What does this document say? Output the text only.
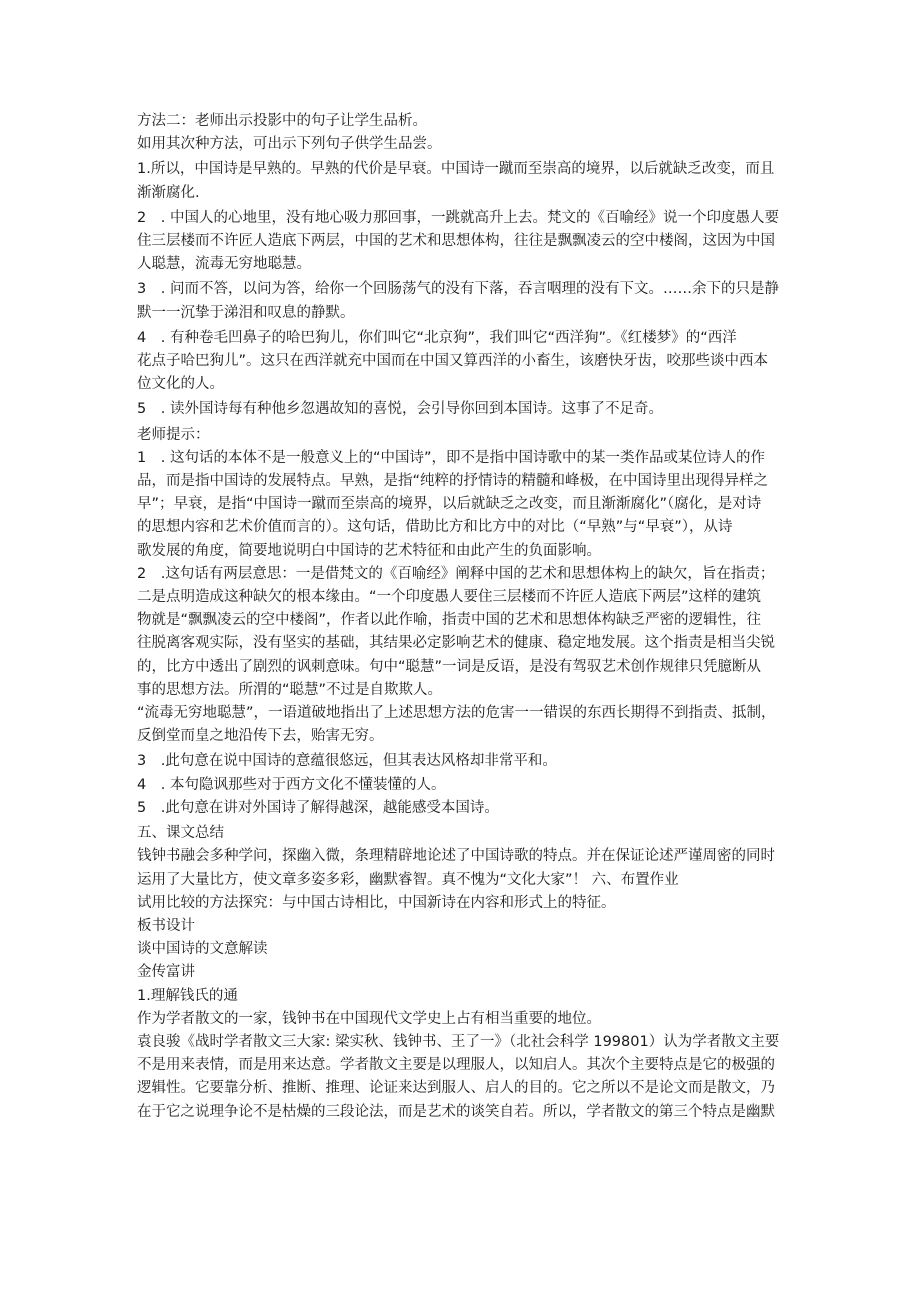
方法二：老师出示投影中的句子让学生品析。
如用其次种方法，可出示下列句子供学生品尝。
1.所以，中国诗是早熟的。早熟的代价是早衰。中国诗一蹴而至崇高的境界，以后就缺乏改变，而且
渐渐腐化.
2　. 中国人的心地里，没有地心吸力那回事，一跳就高升上去。梵文的《百喻经》说一个印度愚人要
住三层楼而不许匠人造底下两层，中国的艺术和思想体构，往往是飘飘凌云的空中楼阁，这因为中国
人聪慧，流毒无穷地聪慧。
3　. 问而不答，以问为答，给你一个回肠荡气的没有下落，吞言咽理的没有下文。……余下的只是静
默一一沉挚于涕泪和叹息的静默。
4　. 有种卷毛凹鼻子的哈巴狗儿，你们叫它“北京狗”，我们叫它“西洋狗”。《红楼梦》的“西洋
花点子哈巴狗儿”。这只在西洋就充中国而在中国又算西洋的小畜生，该磨快牙齿，咬那些谈中西本
位文化的人。
5　. 读外国诗每有种他乡忽遇故知的喜悦，会引导你回到本国诗。这事了不足奇。
老师提示：
1　. 这句话的本体不是一般意义上的“中国诗”，即不是指中国诗歌中的某一类作品或某位诗人的作
品，而是指中国诗的发展特点。早熟，是指“纯粹的抒情诗的精髓和峰极，在中国诗里出现得异样之
早”；早衰，是指“中国诗一蹴而至崇高的境界，以后就缺乏之改变，而且渐渐腐化”（腐化，是对诗
的思想内容和艺术价值而言的）。这句话，借助比方和比方中的对比（“早熟”与“早衰”），从诗
歌发展的角度，简要地说明白中国诗的艺术特征和由此产生的负面影响。
2　.这句话有两层意思：一是借梵文的《百喻经》阐释中国的艺术和思想体构上的缺欠，旨在指责；
二是点明造成这种缺欠的根本缘由。“一个印度愚人要住三层楼而不许匠人造底下两层”这样的建筑
物就是“飘飘凌云的空中楼阁”，作者以此作喻，指责中国的艺术和思想体构缺乏严密的逻辑性，往
往脱离客观实际，没有坚实的基础，其结果必定影响艺术的健康、稳定地发展。这个指责是相当尖锐
的，比方中透出了剧烈的讽刺意味。句中“聪慧”一词是反语，是没有驾驭艺术创作规律只凭臆断从
事的思想方法。所渭的“聪慧”不过是自欺欺人。
“流毒无穷地聪慧”，一语道破地指出了上述思想方法的危害一一错误的东西长期得不到指责、抵制，
反倒堂而皇之地沿传下去，贻害无穷。
3　.此句意在说中国诗的意蕴很悠远，但其表达风格却非常平和。
4　. 本句隐讽那些对于西方文化不懂装懂的人。
5　.此句意在讲对外国诗了解得越深，越能感受本国诗。
五、课文总结
钱钟书融会多种学问，探幽入微，条理精辟地论述了中国诗歌的特点。并在保证论述严谨周密的同时
运用了大量比方，使文章多姿多彩，幽默睿智。真不愧为“文化大家”！ 六、布置作业
试用比较的方法探究：与中国古诗相比，中国新诗在内容和形式上的特征。
板书设计
谈中国诗的文意解读
金传富讲
1.理解钱氏的通
作为学者散文的一家，钱钟书在中国现代文学史上占有相当重要的地位。
袁良骏《战时学者散文三大家: 梁实秋、钱钟书、王了一》（北社会科学 199801）认为学者散文主要
不是用来表情，而是用来达意。学者散文主要是以理服人，以知启人。其次个主要特点是它的极强的
逻辑性。它要靠分析、推断、推理、论证来达到服人、启人的目的。它之所以不是论文而是散文，乃
在于它之说理争论不是枯燥的三段论法，而是艺术的谈笑自若。所以，学者散文的第三个特点是幽默
